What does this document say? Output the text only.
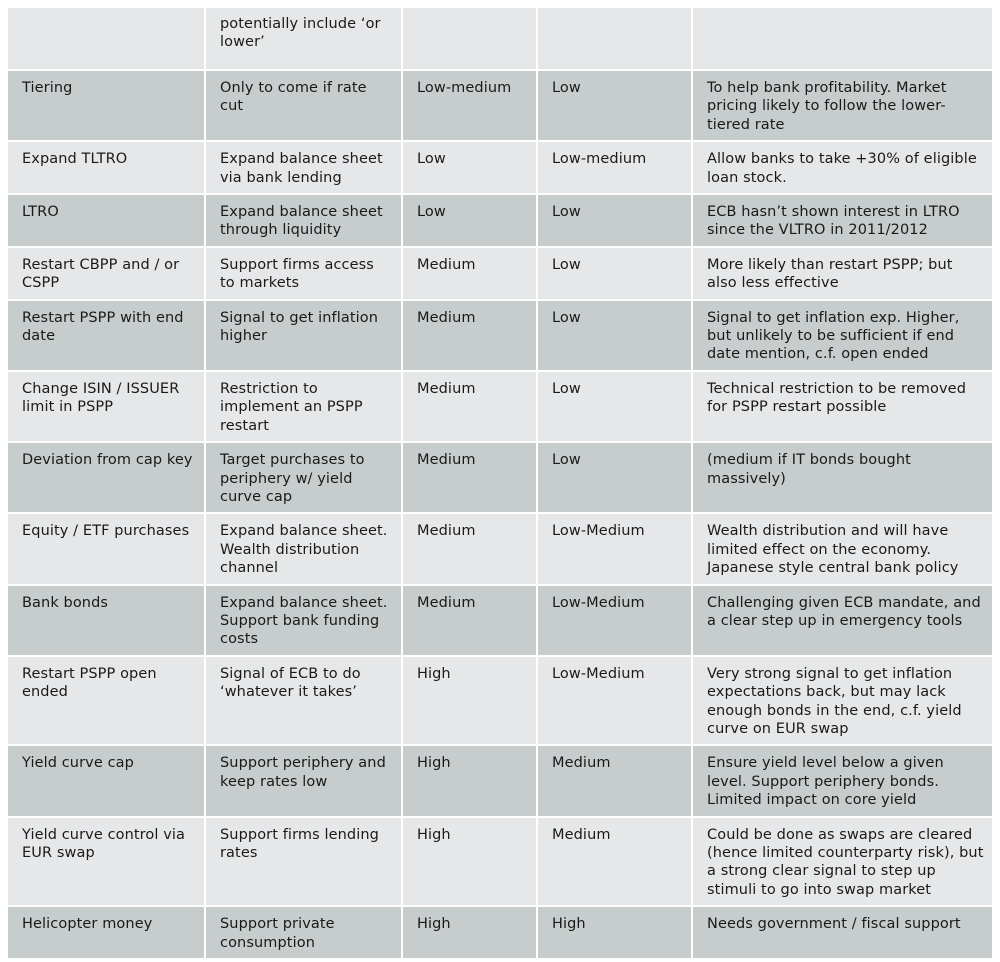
	potentially include ‘or lower’			
Tiering	Only to come if rate cut	Low-medium	Low	To help bank profitability. Market pricing likely to follow the lower-tiered rate
Expand TLTRO	Expand balance sheet via bank lending	Low	Low-medium	Allow banks to take +30% of eligible loan stock.
LTRO	Expand balance sheet through liquidity	Low	Low	ECB hasn’t shown interest in LTRO since the VLTRO in 2011/2012
Restart CBPP and / or CSPP	Support firms access to markets	Medium	Low	More likely than restart PSPP; but also less effective
Restart PSPP with end date	Signal to get inflation higher	Medium	Low	Signal to get inflation exp. Higher, but unlikely to be sufficient if end date mention, c.f. open ended
Change ISIN / ISSUER limit in PSPP	Restriction to implement an PSPP restart	Medium	Low	Technical restriction to be removed for PSPP restart possible
Deviation from cap key	Target purchases to periphery w/ yield curve cap	Medium	Low	(medium if IT bonds bought massively)
Equity / ETF purchases	Expand balance sheet. Wealth distribution channel	Medium	Low-Medium	Wealth distribution and will have limited effect on the economy. Japanese style central bank policy
Bank bonds	Expand balance sheet. Support bank funding costs	Medium	Low-Medium	Challenging given ECB mandate, and a clear step up in emergency tools
Restart PSPP open ended	Signal of ECB to do ‘whatever it takes’	High	Low-Medium	Very strong signal to get inflation expectations back, but may lack enough bonds in the end, c.f. yield curve on EUR swap
Yield curve cap	Support periphery and keep rates low	High	Medium	Ensure yield level below a given level. Support periphery bonds. Limited impact on core yield
Yield curve control via EUR swap	Support firms lending rates	High	Medium	Could be done as swaps are cleared (hence limited counterparty risk), but a strong clear signal to step up stimuli to go into swap market
Helicopter money	Support private consumption	High	High	Needs government / fiscal support
